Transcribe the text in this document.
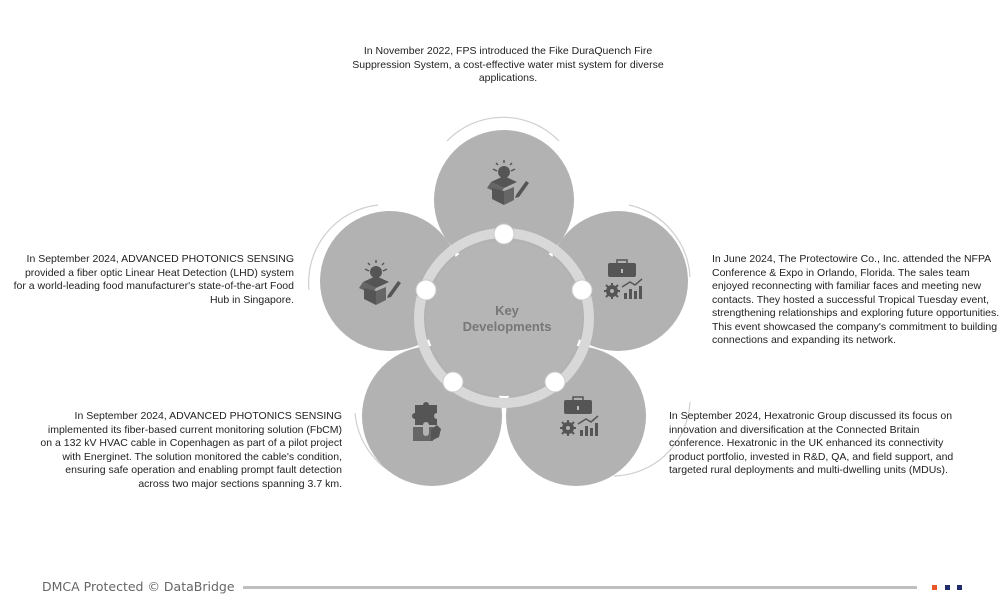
Key
Developments
In November 2022, FPS introduced the Fike DuraQuench Fire Suppression System, a cost-effective water mist system for diverse applications.
In September 2024, ADVANCED PHOTONICS SENSING provided a fiber optic Linear Heat Detection (LHD) system for a world-leading food manufacturer's state-of-the-art Food Hub in Singapore.
In June 2024, The Protectowire Co., Inc. attended the NFPA Conference & Expo in Orlando, Florida. The sales team enjoyed reconnecting with familiar faces and meeting new contacts. They hosted a successful Tropical Tuesday event, strengthening relationships and exploring future opportunities. This event showcased the company's commitment to building connections and expanding its network.
In September 2024, ADVANCED PHOTONICS SENSING implemented its fiber-based current monitoring solution (FbCM) on a 132 kV HVAC cable in Copenhagen as part of a pilot project with Energinet. The solution monitored the cable's condition, ensuring safe operation and enabling prompt fault detection across two major sections spanning 3.7 km.
In September 2024, Hexatronic Group discussed its focus on innovation and diversification at the Connected Britain conference. Hexatronic in the UK enhanced its connectivity product portfolio, invested in R&D, QA, and field support, and targeted rural deployments and multi-dwelling units (MDUs).
DMCA Protected © DataBridge
